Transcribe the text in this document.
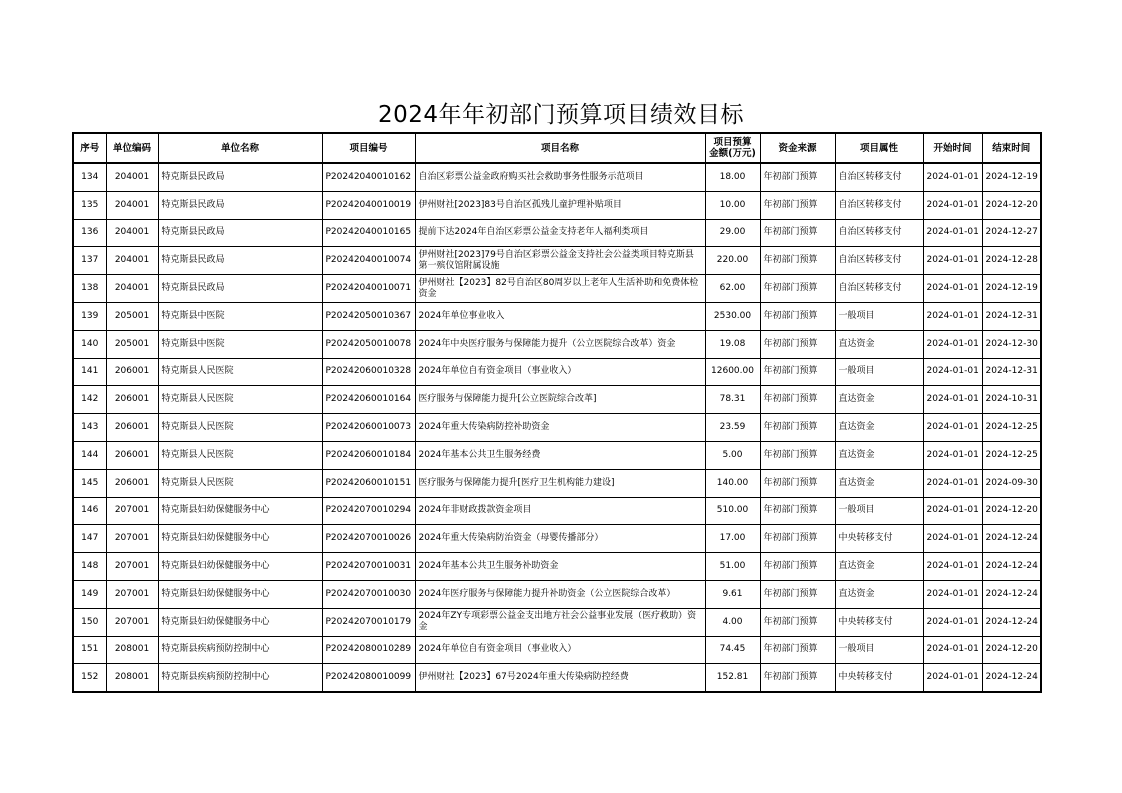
2024年年初部门预算项目绩效目标
序号	单位编码	单位名称	项目编号	项目名称	项目预算
金额(万元)	资金来源	项目属性	开始时间	结束时间
134	204001	特克斯县民政局	P20242040010162	自治区彩票公益金政府购买社会救助事务性服务示范项目	18.00	年初部门预算	自治区转移支付	2024-01-01	2024-12-19
135	204001	特克斯县民政局	P20242040010019	伊州财社[2023]83号自治区孤残儿童护理补贴项目	10.00	年初部门预算	自治区转移支付	2024-01-01	2024-12-20
136	204001	特克斯县民政局	P20242040010165	提前下达2024年自治区彩票公益金支持老年人福利类项目	29.00	年初部门预算	自治区转移支付	2024-01-01	2024-12-27
137	204001	特克斯县民政局	P20242040010074	伊州财社[2023]79号自治区彩票公益金支持社会公益类项目特克斯县第一殡仪馆附属设施	220.00	年初部门预算	自治区转移支付	2024-01-01	2024-12-28
138	204001	特克斯县民政局	P20242040010071	伊州财社【2023】82号自治区80周岁以上老年人生活补助和免费体检资金	62.00	年初部门预算	自治区转移支付	2024-01-01	2024-12-19
139	205001	特克斯县中医院	P20242050010367	2024年单位事业收入	2530.00	年初部门预算	一般项目	2024-01-01	2024-12-31
140	205001	特克斯县中医院	P20242050010078	2024年中央医疗服务与保障能力提升（公立医院综合改革）资金	19.08	年初部门预算	直达资金	2024-01-01	2024-12-30
141	206001	特克斯县人民医院	P20242060010328	2024年单位自有资金项目（事业收入）	12600.00	年初部门预算	一般项目	2024-01-01	2024-12-31
142	206001	特克斯县人民医院	P20242060010164	医疗服务与保障能力提升[公立医院综合改革]	78.31	年初部门预算	直达资金	2024-01-01	2024-10-31
143	206001	特克斯县人民医院	P20242060010073	2024年重大传染病防控补助资金	23.59	年初部门预算	直达资金	2024-01-01	2024-12-25
144	206001	特克斯县人民医院	P20242060010184	2024年基本公共卫生服务经费	5.00	年初部门预算	直达资金	2024-01-01	2024-12-25
145	206001	特克斯县人民医院	P20242060010151	医疗服务与保障能力提升[医疗卫生机构能力建设]	140.00	年初部门预算	直达资金	2024-01-01	2024-09-30
146	207001	特克斯县妇幼保健服务中心	P20242070010294	2024年非财政拨款资金项目	510.00	年初部门预算	一般项目	2024-01-01	2024-12-20
147	207001	特克斯县妇幼保健服务中心	P20242070010026	2024年重大传染病防治资金（母婴传播部分）	17.00	年初部门预算	中央转移支付	2024-01-01	2024-12-24
148	207001	特克斯县妇幼保健服务中心	P20242070010031	2024年基本公共卫生服务补助资金	51.00	年初部门预算	直达资金	2024-01-01	2024-12-24
149	207001	特克斯县妇幼保健服务中心	P20242070010030	2024年医疗服务与保障能力提升补助资金（公立医院综合改革）	9.61	年初部门预算	直达资金	2024-01-01	2024-12-24
150	207001	特克斯县妇幼保健服务中心	P20242070010179	2024年ZY专项彩票公益金支出地方社会公益事业发展（医疗救助）资金	4.00	年初部门预算	中央转移支付	2024-01-01	2024-12-24
151	208001	特克斯县疾病预防控制中心	P20242080010289	2024年单位自有资金项目（事业收入）	74.45	年初部门预算	一般项目	2024-01-01	2024-12-20
152	208001	特克斯县疾病预防控制中心	P20242080010099	伊州财社【2023】67号2024年重大传染病防控经费	152.81	年初部门预算	中央转移支付	2024-01-01	2024-12-24
